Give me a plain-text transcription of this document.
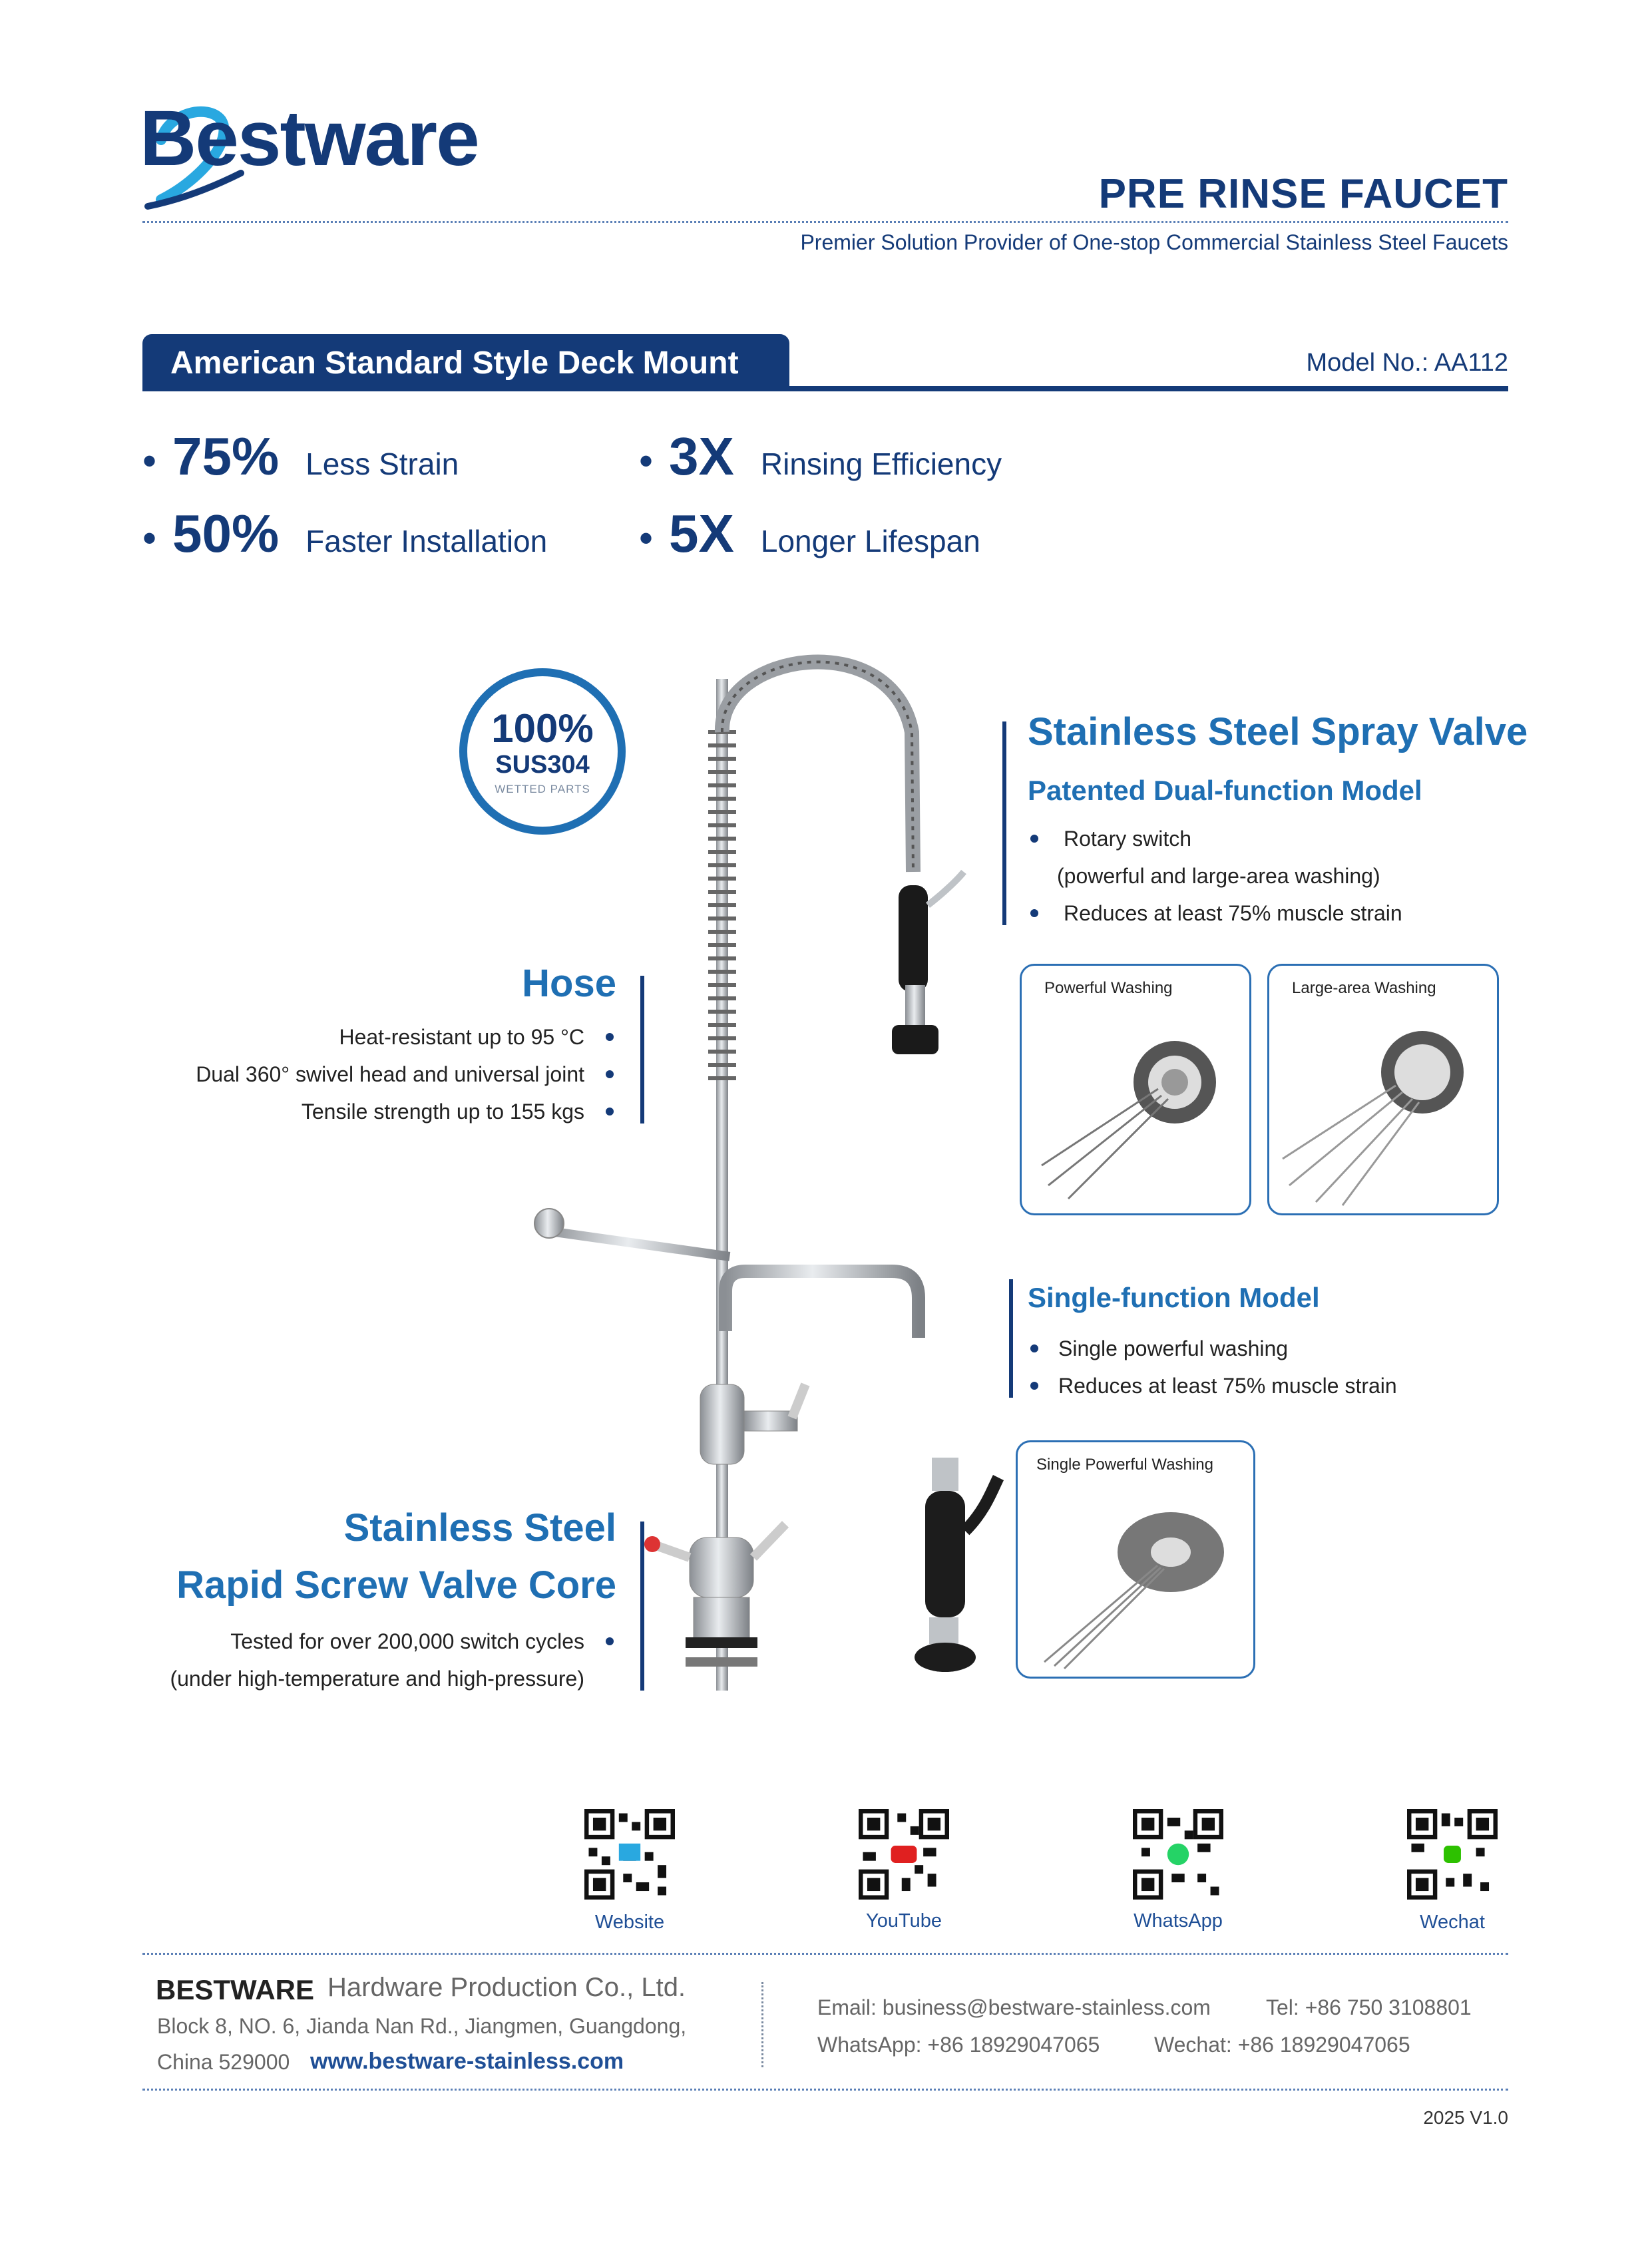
Bestware
PRE RINSE FAUCET
Premier Solution Provider of One-stop Commercial Stainless Steel Faucets
American Standard Style Deck Mount	Model No.: AA112
• 75% Less Strain
• 50% Faster Installation
• 3X Rinsing Efficiency
• 5X Longer Lifespan
100%
SUS304
WETTED PARTS
Hose
Heat-resistant up to 95 °C
Dual 360° swivel head and universal joint
Tensile strength up to 155 kgs
Stainless Steel Spray Valve
Patented Dual-function Model
Rotary switch
(powerful and large-area washing)
Reduces at least 75% muscle strain
Powerful Washing	Large-area Washing
Single-function Model
Single powerful washing
Reduces at least 75% muscle strain
Single Powerful Washing
Stainless Steel
Rapid Screw Valve Core
Tested for over 200,000 switch cycles
(under high-temperature and high-pressure)
Website	YouTube	WhatsApp	Wechat
BESTWARE Hardware Production Co., Ltd.
Block 8, NO. 6, Jianda Nan Rd., Jiangmen, Guangdong,
China 529000 www.bestware-stainless.com
Email: business@bestware-stainless.com	Tel: +86 750 3108801
WhatsApp: +86 18929047065	Wechat: +86 18929047065
2025 V1.0
